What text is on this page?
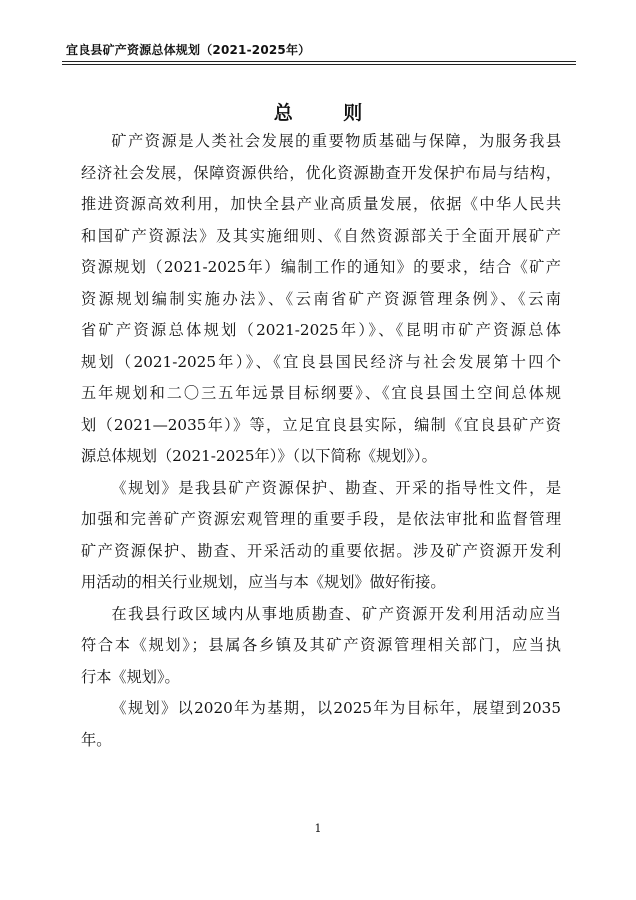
宜良县矿产资源总体规划（2021-2025年）
总 则
矿产资源是人类社会发展的重要物质基础与保障，为服务我县
经济社会发展，保障资源供给，优化资源勘查开发保护布局与结构，
推进资源高效利用，加快全县产业高质量发展，依据《中华人民共
和国矿产资源法》及其实施细则、《自然资源部关于全面开展矿产
资源规划（2021-2025年）编制工作的通知》的要求，结合《矿产
资源规划编制实施办法》、《云南省矿产资源管理条例》、《云南
省矿产资源总体规划（2021-2025年）》、《昆明市矿产资源总体
规划（2021-2025年）》、《宜良县国民经济与社会发展第十四个
五年规划和二〇三五年远景目标纲要》、《宜良县国土空间总体规
划（2021—2035年）》等，立足宜良县实际，编制《宜良县矿产资
源总体规划（2021-2025年）》（以下简称《规划》）。
《规划》是我县矿产资源保护、勘查、开采的指导性文件，是
加强和完善矿产资源宏观管理的重要手段，是依法审批和监督管理
矿产资源保护、勘查、开采活动的重要依据。涉及矿产资源开发利
用活动的相关行业规划，应当与本《规划》做好衔接。
在我县行政区域内从事地质勘查、矿产资源开发利用活动应当
符合本《规划》；县属各乡镇及其矿产资源管理相关部门，应当执
行本《规划》。
《规划》以2020年为基期，以2025年为目标年，展望到2035
年。
1
